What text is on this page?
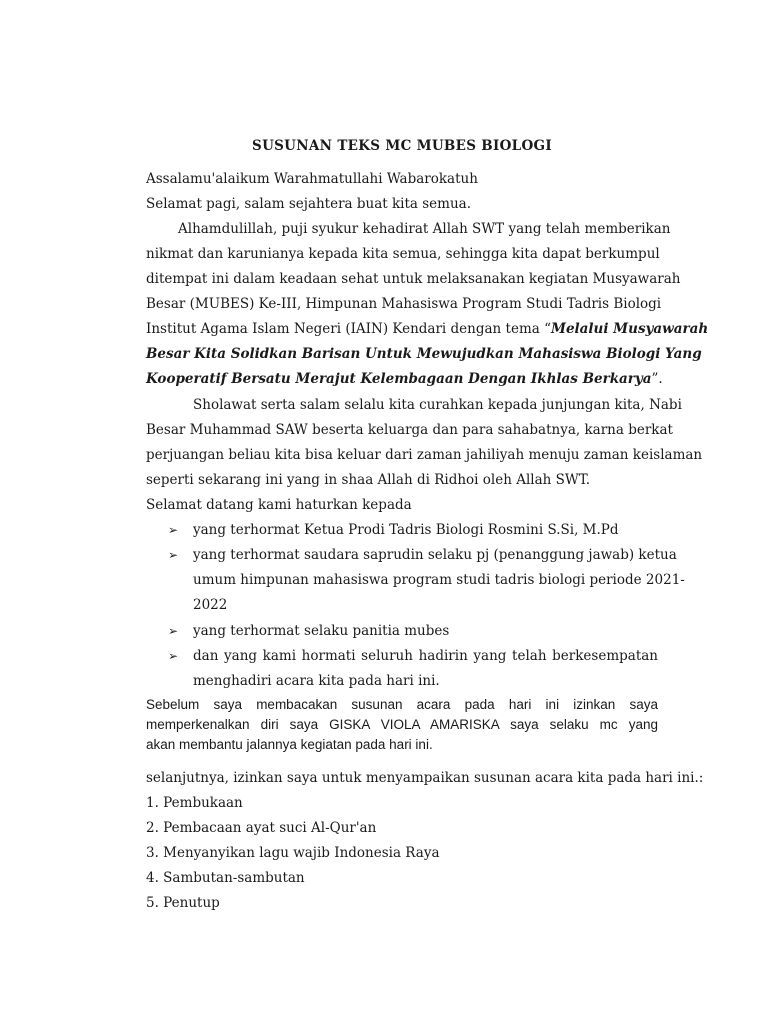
SUSUNAN TEKS MC MUBES BIOLOGI
Assalamu'alaikum Warahmatullahi Wabarokatuh
Selamat pagi, salam sejahtera buat kita semua.
Alhamdulillah, puji syukur kehadirat Allah SWT yang telah memberikan
nikmat dan karunianya kepada kita semua, sehingga kita dapat berkumpul
ditempat ini dalam keadaan sehat untuk melaksanakan kegiatan Musyawarah
Besar (MUBES) Ke-III, Himpunan Mahasiswa Program Studi Tadris Biologi
Institut Agama Islam Negeri (IAIN) Kendari dengan tema “Melalui Musyawarah
Besar Kita Solidkan Barisan Untuk Mewujudkan Mahasiswa Biologi Yang
Kooperatif Bersatu Merajut Kelembagaan Dengan Ikhlas Berkarya”.
Sholawat serta salam selalu kita curahkan kepada junjungan kita, Nabi
Besar Muhammad SAW beserta keluarga dan para sahabatnya, karna berkat
perjuangan beliau kita bisa keluar dari zaman jahiliyah menuju zaman keislaman
seperti sekarang ini yang in shaa Allah di Ridhoi oleh Allah SWT.
Selamat datang kami haturkan kepada
➢ yang terhormat Ketua Prodi Tadris Biologi Rosmini S.Si, M.Pd
➢ yang terhormat saudara saprudin selaku pj (penanggung jawab) ketua
umum himpunan mahasiswa program studi tadris biologi periode 2021-
2022
➢ yang terhormat selaku panitia mubes
➢ dan yang kami hormati seluruh hadirin yang telah berkesempatan
menghadiri acara kita pada hari ini.
Sebelum saya membacakan susunan acara pada hari ini izinkan saya
memperkenalkan diri saya GISKA VIOLA AMARISKA saya selaku mc yang
akan membantu jalannya kegiatan pada hari ini.
selanjutnya, izinkan saya untuk menyampaikan susunan acara kita pada hari ini.:
1. Pembukaan
2. Pembacaan ayat suci Al-Qur'an
3. Menyanyikan lagu wajib Indonesia Raya
4. Sambutan-sambutan
5. Penutup
